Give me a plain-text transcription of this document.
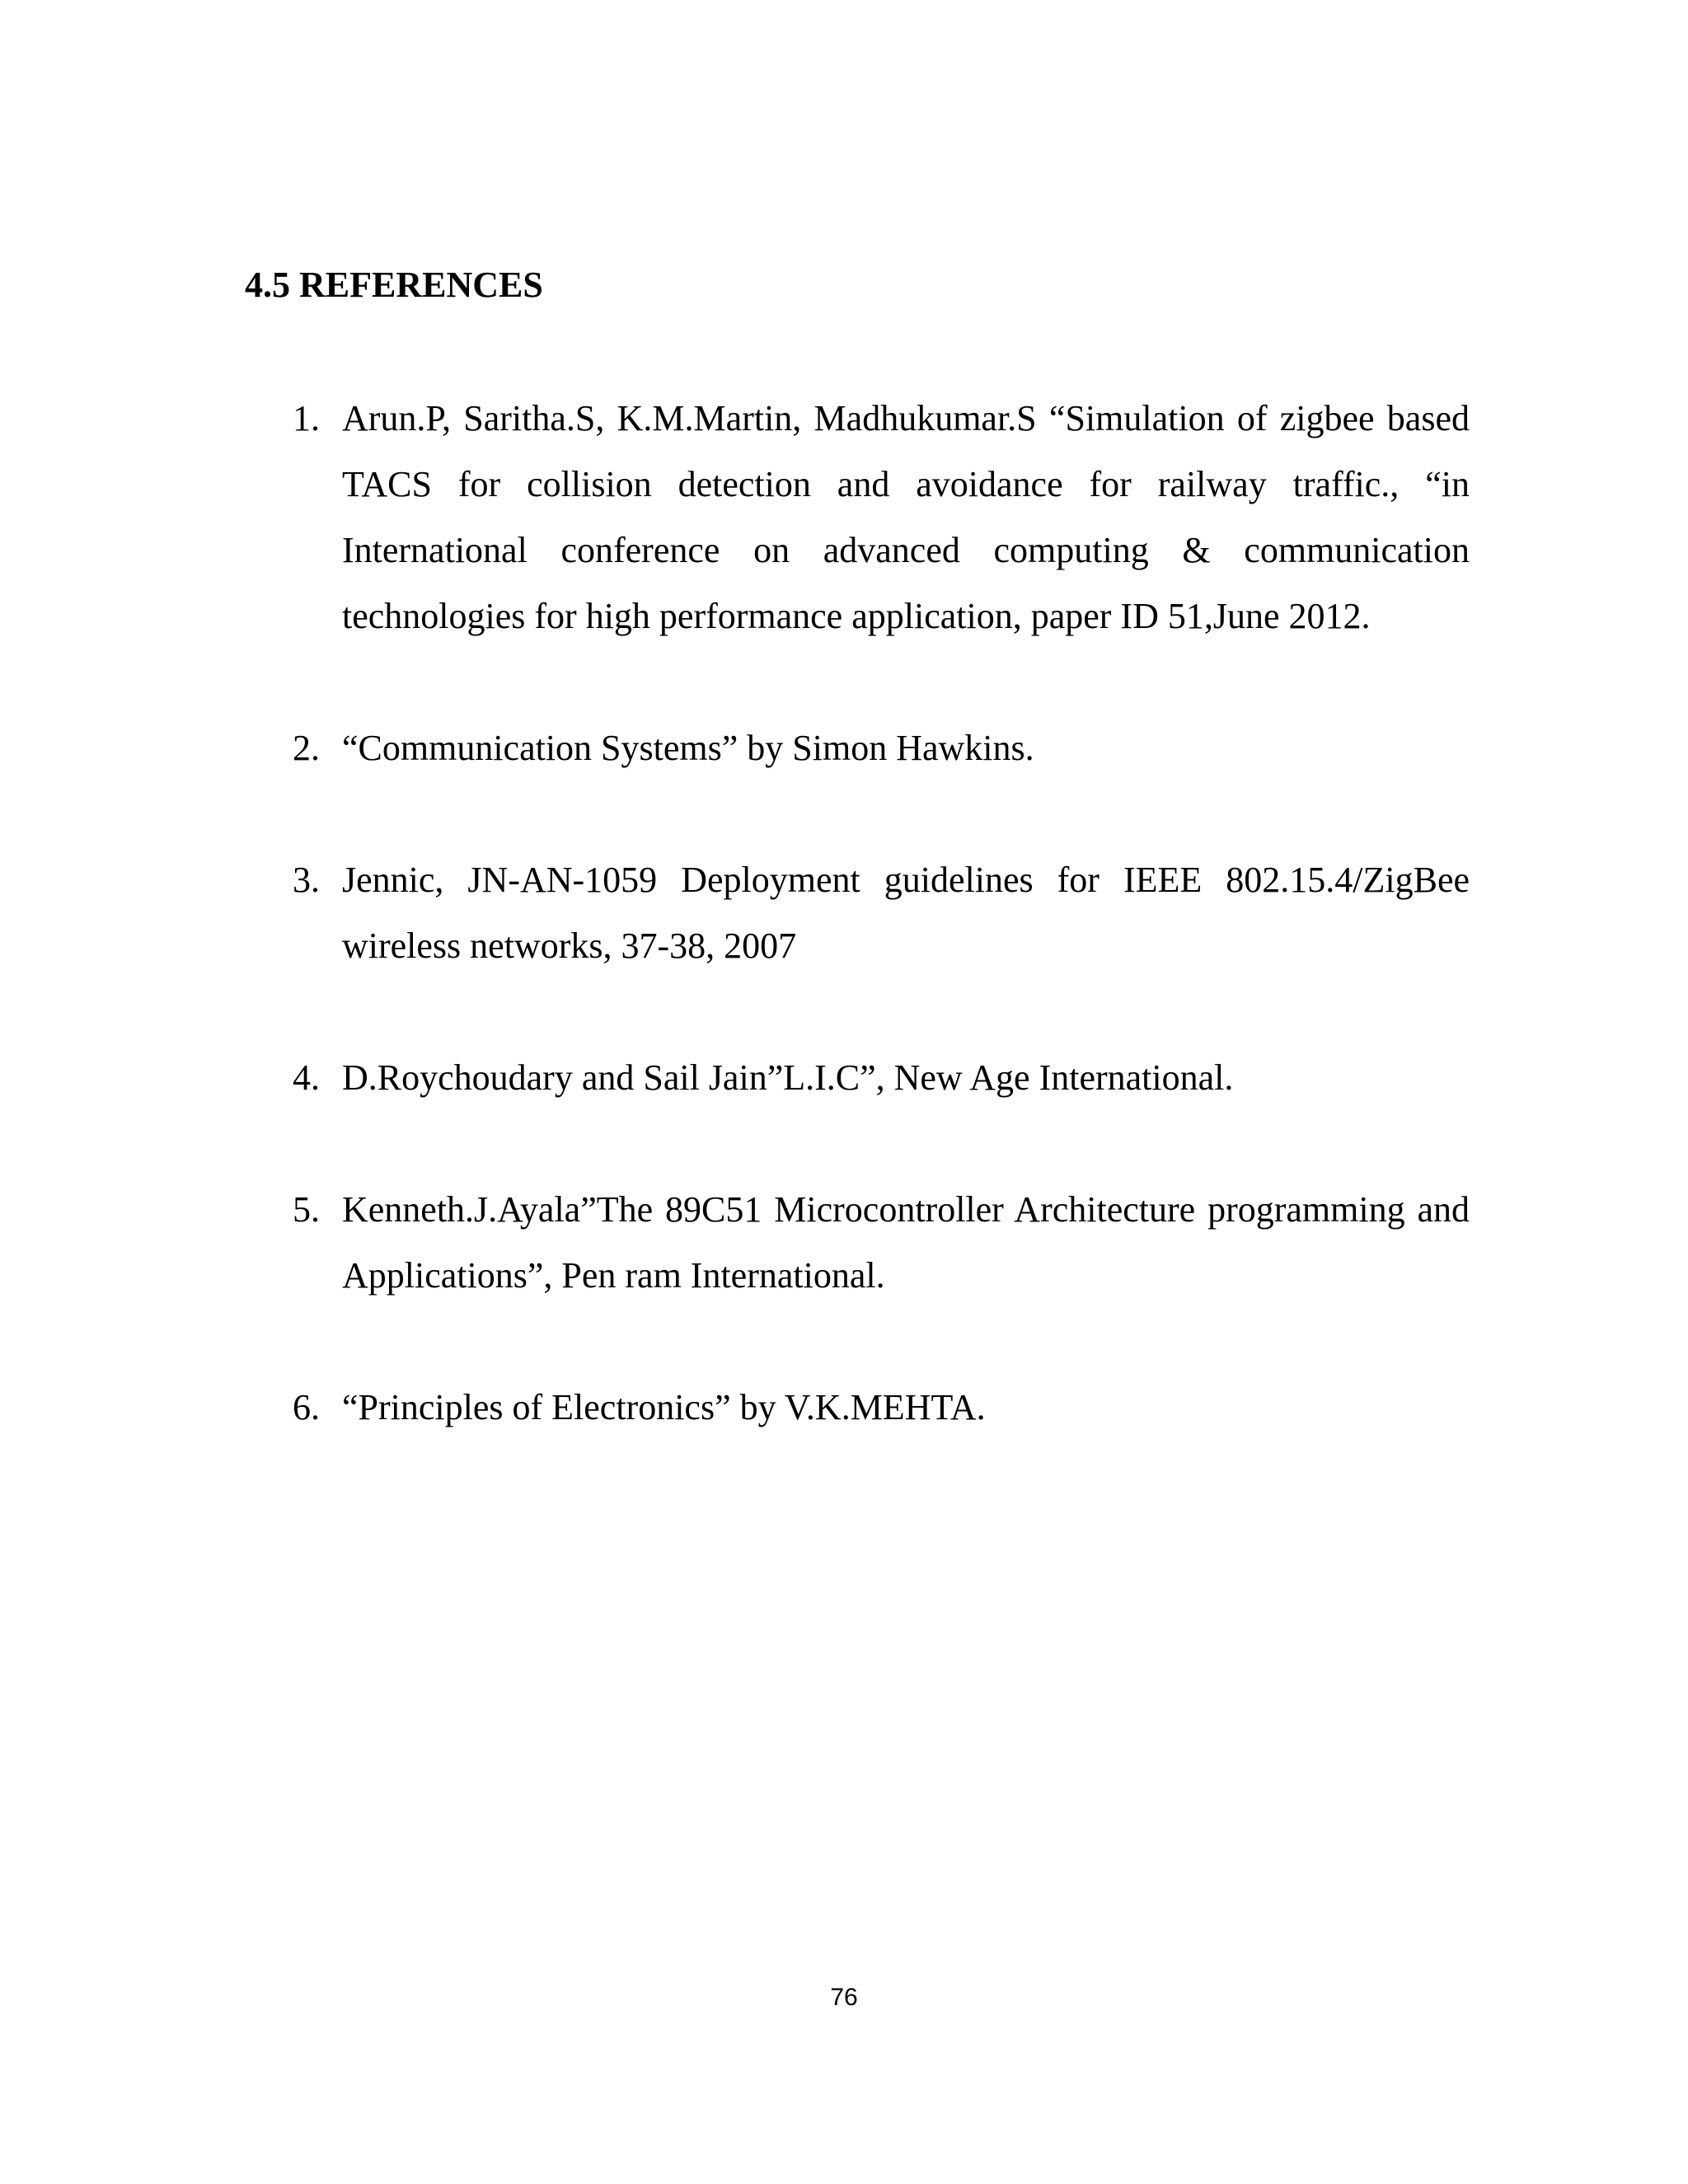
4.5 REFERENCES
1. Arun.P, Saritha.S, K.M.Martin, Madhukumar.S “Simulation of zigbee based TACS for collision detection and avoidance for railway traffic., “in International conference on advanced computing & communication technologies for high performance application, paper ID 51,June 2012.
2. “Communication Systems” by Simon Hawkins.
3. Jennic, JN-AN-1059 Deployment guidelines for IEEE 802.15.4/ZigBee wireless networks, 37-38, 2007
4. D.Roychoudary and Sail Jain”L.I.C”, New Age International.
5. Kenneth.J.Ayala”The 89C51 Microcontroller Architecture programming and Applications”, Pen ram International.
6. “Principles of Electronics” by V.K.MEHTA.
76
